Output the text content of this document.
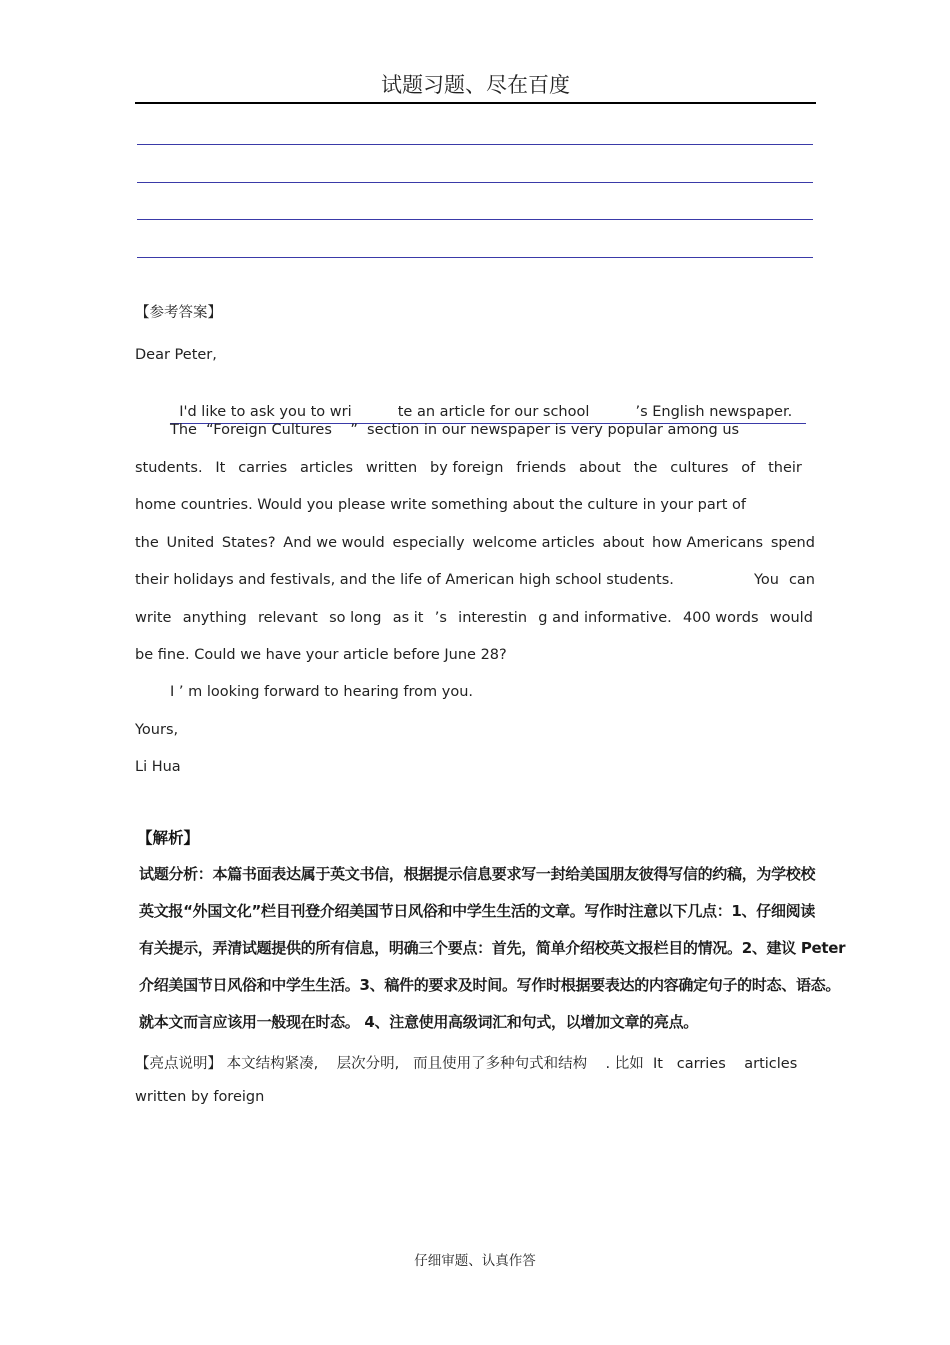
试题习题、尽在百度
【参考答案】
Dear Peter,

I'd like to ask you to wri          te an article for our school          ’s English newspaper.

The  “Foreign Cultures    ”  section in our newspaper is very popular among us
students. It carries articles written by foreign friends about the cultures of their
home countries. Would you please write something about the culture in your part of
the United States? And we would especially welcome articles about how Americans spend
their holidays and festivals, and the life of American high school students.	You can
write anything relevant so long as it ’s interestin g and informative. 400 words would
be fine. Could we have your article before June 28?
I ’ m looking forward to hearing from you.
Yours,
Li Hua
【解析】
试题分析：本篇书面表达属于英文书信，根据提示信息要求写一封给美国朋友彼得写信的约稿，为学校校
英文报“外国文化”栏目刊登介绍美国节日风俗和中学生生活的文章。写作时注意以下几点：1、仔细阅读
有关提示，弄清试题提供的所有信息，明确三个要点：首先，简单介绍校英文报栏目的情况。2、建议 Peter
介绍美国节日风俗和中学生生活。3、稿件的要求及时间。写作时根据要表达的内容确定句子的时态、语态。
就本文而言应该用一般现在时态。 4、注意使用高级词汇和句式，以增加文章的亮点。
【亮点说明】 本文结构紧凑,    层次分明,   而且使用了多种句式和结构    . 比如  It   carries    articles
written by foreign
仔细审题、认真作答
